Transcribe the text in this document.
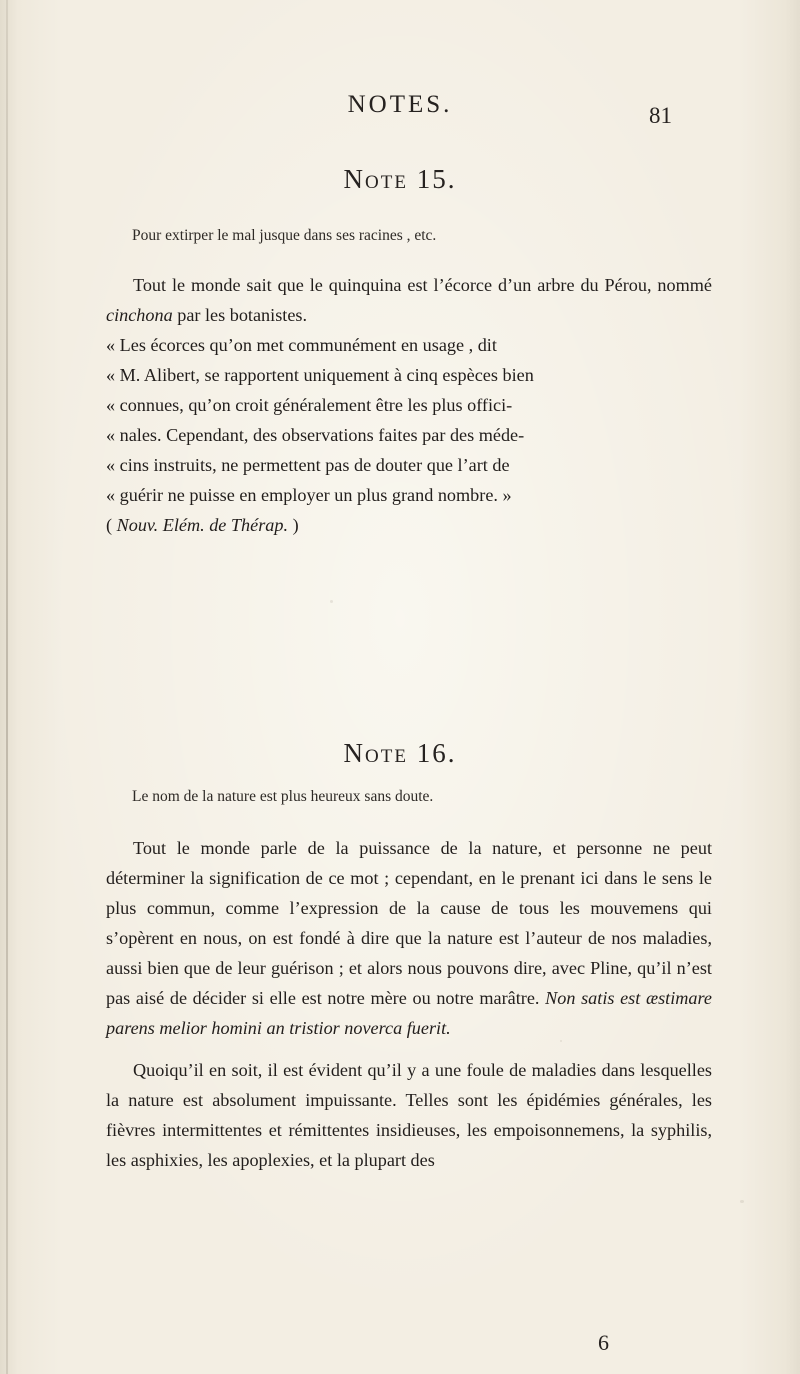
NOTES.	81
Note 15.
Pour extirper le mal jusque dans ses racines , etc.

Tout le monde sait que le quinquina est l’écorce d’un arbre du Pérou, nommé cinchona par les botanistes.

« Les écorces qu’on met communément en usage , dit
« M. Alibert, se rapportent uniquement à cinq espèces bien
« connues, qu’on croit généralement être les plus offici-
« nales. Cependant, des observations faites par des méde-
« cins instruits, ne permettent pas de douter que l’art de
« guérir ne puisse en employer un plus grand nombre. »
( Nouv. Elém. de Thérap. )
Note 16.
Le nom de la nature est plus heureux sans doute.

Tout le monde parle de la puissance de la nature, et personne ne peut déterminer la signification de ce mot ; cependant, en le prenant ici dans le sens le plus commun, comme l’expression de la cause de tous les mouvemens qui s’opèrent en nous, on est fondé à dire que la nature est l’auteur de nos maladies, aussi bien que de leur guérison ; et alors nous pouvons dire, avec Pline, qu’il n’est pas aisé de décider si elle est notre mère ou notre marâtre. Non satis est æstimare parens melior homini an tristior noverca fuerit.

Quoiqu’il en soit, il est évident qu’il y a une foule de maladies dans lesquelles la nature est absolument impuissante. Telles sont les épidémies générales, les fièvres intermittentes et rémittentes insidieuses, les empoisonnemens, la syphilis, les asphixies, les apoplexies, et la plupart des

6
